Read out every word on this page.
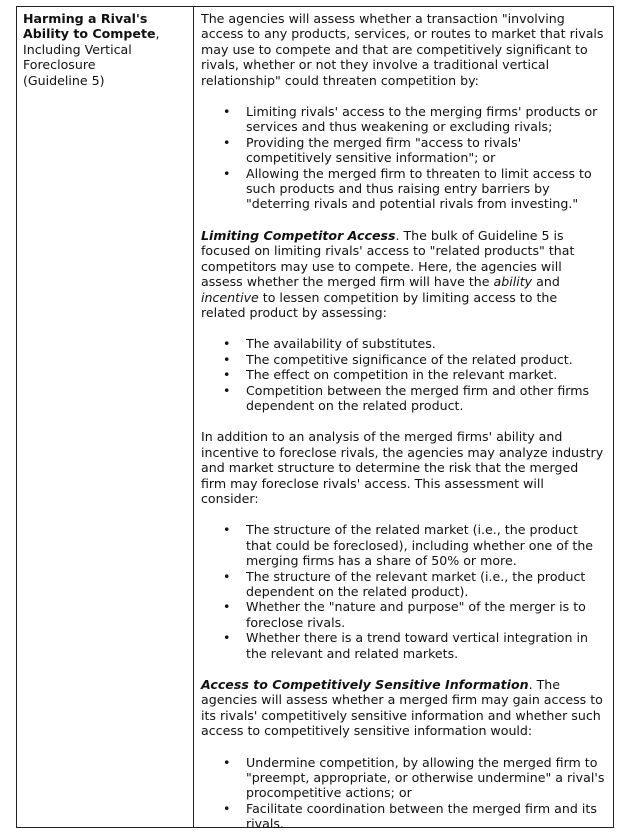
Harming a Rival's Ability to Compete, Including Vertical Foreclosure

(Guideline 5)

The agencies will assess whether a transaction "involving access to any products, services, or routes to market that rivals may use to compete and that are competitively significant to rivals, whether or not they involve a traditional vertical relationship" could threaten competition by:

• Limiting rivals' access to the merging firms' products or services and thus weakening or excluding rivals;
• Providing the merged firm "access to rivals' competitively sensitive information"; or
• Allowing the merged firm to threaten to limit access to such products and thus raising entry barriers by "deterring rivals and potential rivals from investing."

Limiting Competitor Access. The bulk of Guideline 5 is focused on limiting rivals' access to "related products" that competitors may use to compete. Here, the agencies will assess whether the merged firm will have the ability and incentive to lessen competition by limiting access to the related product by assessing:

• The availability of substitutes.
• The competitive significance of the related product.
• The effect on competition in the relevant market.
• Competition between the merged firm and other firms dependent on the related product.

In addition to an analysis of the merged firms' ability and incentive to foreclose rivals, the agencies may analyze industry and market structure to determine the risk that the merged firm may foreclose rivals' access. This assessment will consider:

• The structure of the related market (i.e., the product that could be foreclosed), including whether one of the merging firms has a share of 50% or more.
• The structure of the relevant market (i.e., the product dependent on the related product).
• Whether the "nature and purpose" of the merger is to foreclose rivals.
• Whether there is a trend toward vertical integration in the relevant and related markets.

Access to Competitively Sensitive Information. The agencies will assess whether a merged firm may gain access to its rivals' competitively sensitive information and whether such access to competitively sensitive information would:

• Undermine competition, by allowing the merged firm to "preempt, appropriate, or otherwise undermine" a rival's procompetitive actions; or
• Facilitate coordination between the merged firm and its rivals.
